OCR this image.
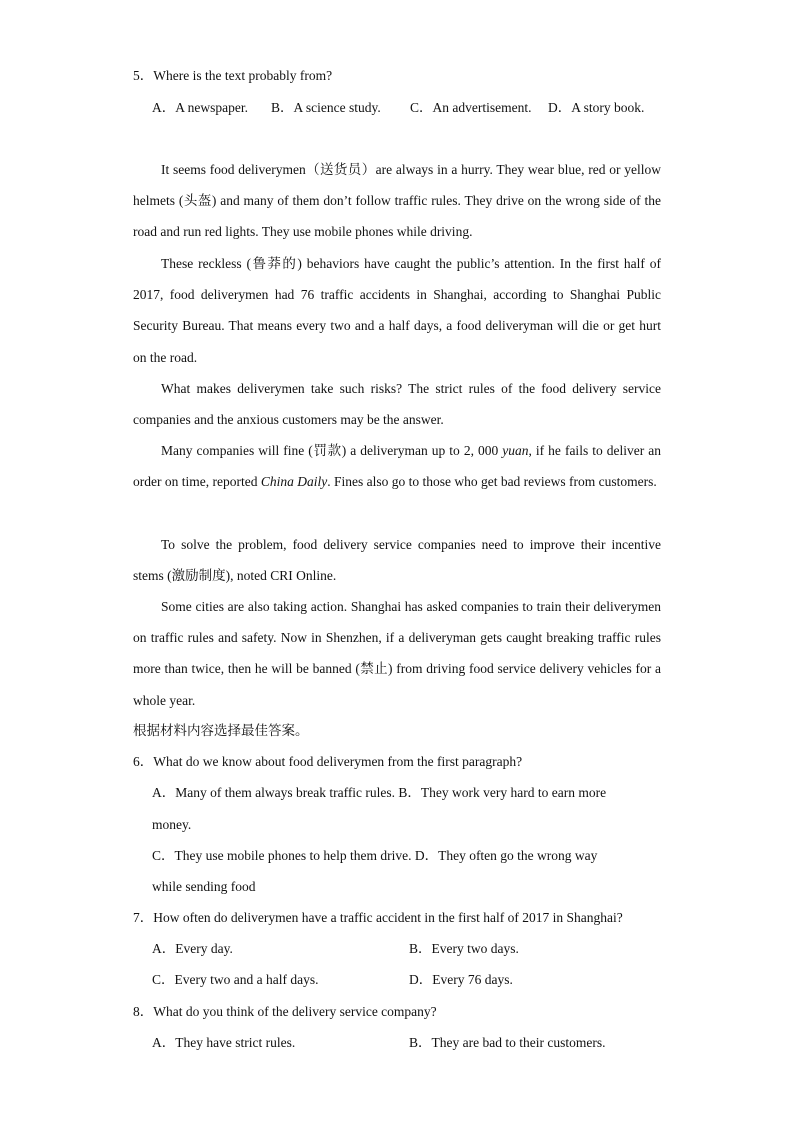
5．Where is the text probably from?
A．A newspaper. B．A science study. C．An advertisement. D．A story book.
It seems food deliverymen（送货员）are always in a hurry. They wear blue, red or yellow helmets (头盔) and many of them don’t follow traffic rules. They drive on the wrong side of the road and run red lights. They use mobile phones while driving.
These reckless (鲁莽的) behaviors have caught the public’s attention. In the first half of 2017, food deliverymen had 76 traffic accidents in Shanghai, according to Shanghai Public Security Bureau. That means every two and a half days, a food deliveryman will die or get hurt on the road.
What makes deliverymen take such risks? The strict rules of the food delivery service companies and the anxious customers may be the answer.
Many companies will fine (罚款) a deliveryman up to 2, 000 yuan, if he fails to deliver an order on time, reported China Daily. Fines also go to those who get bad reviews from customers.
To solve the problem, food delivery service companies need to improve their incentive stems (激励制度), noted CRI Online.
Some cities are also taking action. Shanghai has asked companies to train their deliverymen on traffic rules and safety. Now in Shenzhen, if a deliveryman gets caught breaking traffic rules more than twice, then he will be banned (禁止) from driving food service delivery vehicles for a whole year.
根据材料内容选择最佳答案。
6．What do we know about food deliverymen from the first paragraph?
A．Many of them always break traffic rules. B．They work very hard to earn more
money.
C．They use mobile phones to help them drive. D．They often go the wrong way
while sending food
7．How often do deliverymen have a traffic accident in the first half of 2017 in Shanghai?
A．Every day.	B．Every two days.
C．Every two and a half days.	D．Every 76 days.
8．What do you think of the delivery service company?
A．They have strict rules.	B．They are bad to their customers.
